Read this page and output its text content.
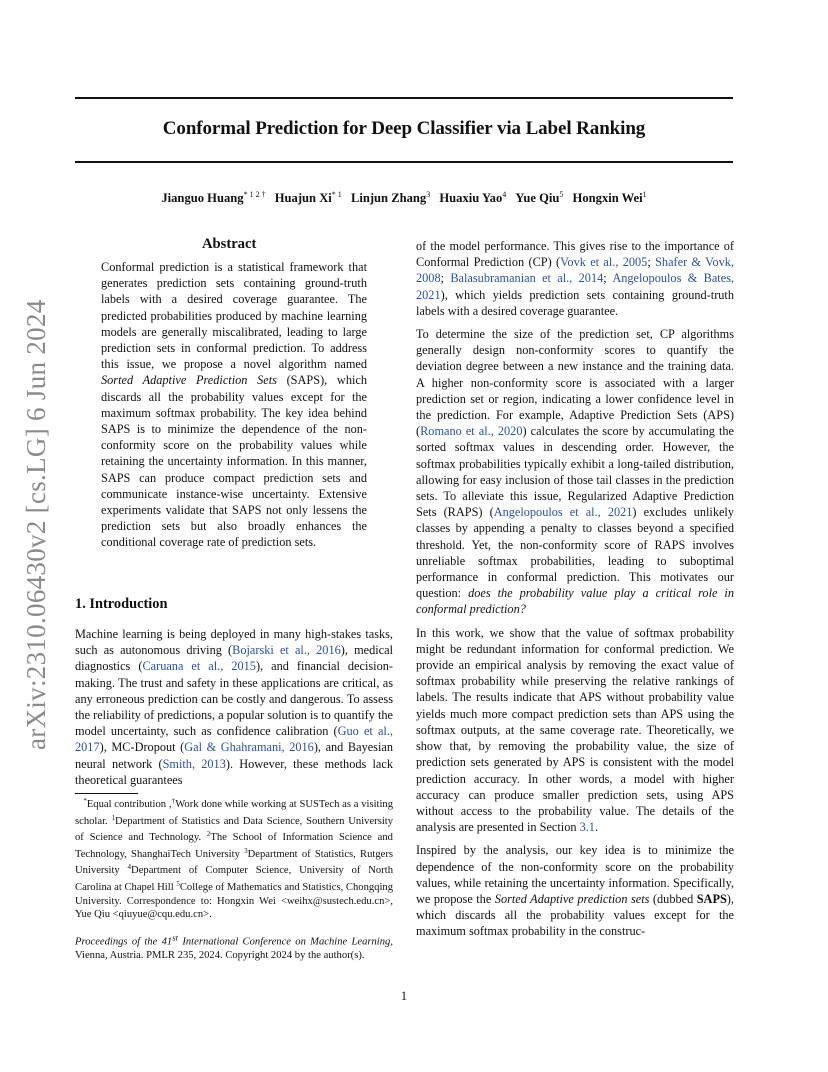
Conformal Prediction for Deep Classifier via Label Ranking
Jianguo Huang$^{* 1 2 \dagger}$ Huajun Xi$^{* 1}$ Linjun Zhang$^3$ Huaxiu Yao$^4$ Yue Qiu$^5$ Hongxin Wei$^1$
arXiv:2310.06430v2 [cs.LG] 6 Jun 2024
Abstract

Conformal prediction is a statistical framework that generates prediction sets containing ground-truth labels with a desired coverage guarantee. The predicted probabilities produced by machine learning models are generally miscalibrated, leading to large prediction sets in conformal prediction. To address this issue, we propose a novel algorithm named Sorted Adaptive Prediction Sets (SAPS), which discards all the probability values except for the maximum softmax probability. The key idea behind SAPS is to minimize the dependence of the non-conformity score on the probability values while retaining the uncertainty information. In this manner, SAPS can produce compact prediction sets and communicate instance-wise uncertainty. Extensive experiments validate that SAPS not only lessens the prediction sets but also broadly enhances the conditional coverage rate of prediction sets.

1. Introduction

Machine learning is being deployed in many high-stakes tasks, such as autonomous driving (Bojarski et al., 2016), medical diagnostics (Caruana et al., 2015), and financial decision-making. The trust and safety in these applications are critical, as any erroneous prediction can be costly and dangerous. To assess the reliability of predictions, a popular solution is to quantify the model uncertainty, such as confidence calibration (Guo et al., 2017), MC-Dropout (Gal & Ghahramani, 2016), and Bayesian neural network (Smith, 2013). However, these methods lack theoretical guarantees

*Equal contribution ,†Work done while working at SUSTech as a visiting scholar. $^1$Department of Statistics and Data Science, Southern University of Science and Technology. $^2$The School of Information Science and Technology, ShanghaiTech University $^3$Department of Statistics, Rutgers University $^4$Department of Computer Science, University of North Carolina at Chapel Hill $^5$College of Mathematics and Statistics, Chongqing University. Correspondence to: Hongxin Wei <weihx@sustech.edu.cn>, Yue Qiu <qiuyue@cqu.edu.cn>.
Proceedings of the 41st International Conference on Machine Learning, Vienna, Austria. PMLR 235, 2024. Copyright 2024 by the author(s).

of the model performance. This gives rise to the importance of Conformal Prediction (CP) (Vovk et al., 2005; Shafer & Vovk, 2008; Balasubramanian et al., 2014; Angelopoulos & Bates, 2021), which yields prediction sets containing ground-truth labels with a desired coverage guarantee.

To determine the size of the prediction set, CP algorithms generally design non-conformity scores to quantify the deviation degree between a new instance and the training data. A higher non-conformity score is associated with a larger prediction set or region, indicating a lower confidence level in the prediction. For example, Adaptive Prediction Sets (APS) (Romano et al., 2020) calculates the score by accumulating the sorted softmax values in descending order. However, the softmax probabilities typically exhibit a long-tailed distribution, allowing for easy inclusion of those tail classes in the prediction sets. To alleviate this issue, Regularized Adaptive Prediction Sets (RAPS) (Angelopoulos et al., 2021) excludes unlikely classes by appending a penalty to classes beyond a specified threshold. Yet, the non-conformity score of RAPS involves unreliable softmax probabilities, leading to suboptimal performance in conformal prediction. This motivates our question: does the probability value play a critical role in conformal prediction?

In this work, we show that the value of softmax probability might be redundant information for conformal prediction. We provide an empirical analysis by removing the exact value of softmax probability while preserving the relative rankings of labels. The results indicate that APS without probability value yields much more compact prediction sets than APS using the softmax outputs, at the same coverage rate. Theoretically, we show that, by removing the probability value, the size of prediction sets generated by APS is consistent with the model prediction accuracy. In other words, a model with higher accuracy can produce smaller prediction sets, using APS without access to the probability value. The details of the analysis are presented in Section 3.1.

Inspired by the analysis, our key idea is to minimize the dependence of the non-conformity score on the probability values, while retaining the uncertainty information. Specifically, we propose the Sorted Adaptive prediction sets (dubbed SAPS), which discards all the probability values except for the maximum softmax probability in the construc-

1
